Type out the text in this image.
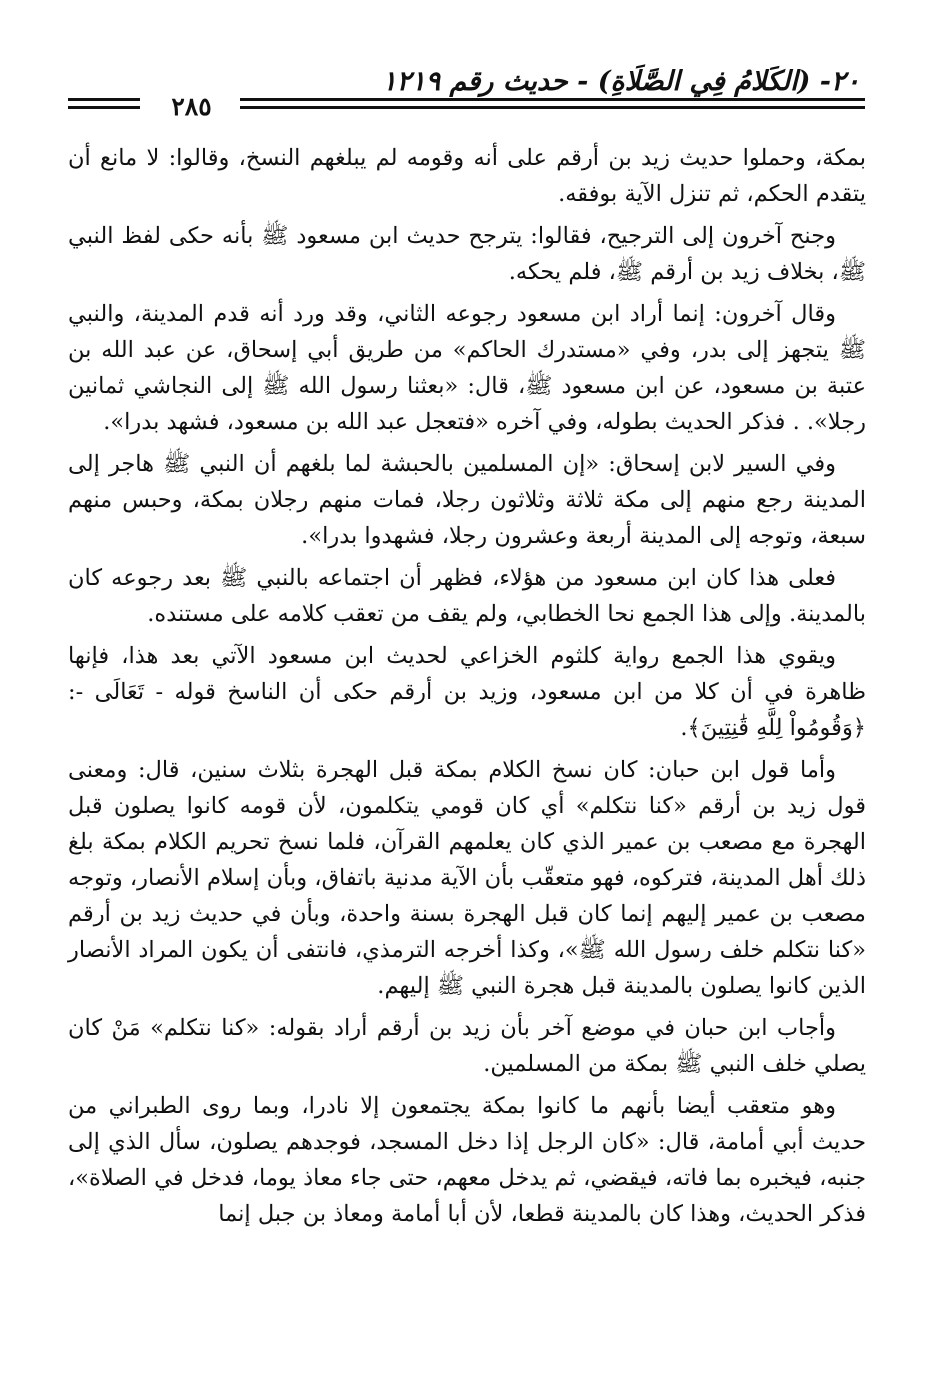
٢٠- (الكَلامُ فِي الصَّلَاةِ) - حديث رقم ١٢١٩
٢٨٥

بمكة، وحملوا حديث زيد بن أرقم على أنه وقومه لم يبلغهم النسخ، وقالوا: لا مانع أن يتقدم الحكم، ثم تنزل الآية بوفقه.

وجنح آخرون إلى الترجيح، فقالوا: يترجح حديث ابن مسعود ﷺ بأنه حكى لفظ النبي ﷺ، بخلاف زيد بن أرقم ﷺ، فلم يحكه.

وقال آخرون: إنما أراد ابن مسعود رجوعه الثاني، وقد ورد أنه قدم المدينة، والنبي ﷺ يتجهز إلى بدر، وفي «مستدرك الحاكم» من طريق أبي إسحاق، عن عبد الله بن عتبة بن مسعود، عن ابن مسعود ﷺ، قال: «بعثنا رسول الله ﷺ إلى النجاشي ثمانين رجلا». . فذكر الحديث بطوله، وفي آخره «فتعجل عبد الله بن مسعود، فشهد بدرا».

وفي السير لابن إسحاق: «إن المسلمين بالحبشة لما بلغهم أن النبي ﷺ هاجر إلى المدينة رجع منهم إلى مكة ثلاثة وثلاثون رجلا، فمات منهم رجلان بمكة، وحبس منهم سبعة، وتوجه إلى المدينة أربعة وعشرون رجلا، فشهدوا بدرا».

فعلى هذا كان ابن مسعود من هؤلاء، فظهر أن اجتماعه بالنبي ﷺ بعد رجوعه كان بالمدينة. وإلى هذا الجمع نحا الخطابي، ولم يقف من تعقب كلامه على مستنده.

ويقوي هذا الجمع رواية كلثوم الخزاعي لحديث ابن مسعود الآتي بعد هذا، فإنها ظاهرة في أن كلا من ابن مسعود، وزيد بن أرقم حكى أن الناسخ قوله - تَعَالَى -: ﴿وَقُومُواْ لِلَّهِ قَٰنِتِينَ﴾.

وأما قول ابن حبان: كان نسخ الكلام بمكة قبل الهجرة بثلاث سنين، قال: ومعنى قول زيد بن أرقم «كنا نتكلم» أي كان قومي يتكلمون، لأن قومه كانوا يصلون قبل الهجرة مع مصعب بن عمير الذي كان يعلمهم القرآن، فلما نسخ تحريم الكلام بمكة بلغ ذلك أهل المدينة، فتركوه، فهو متعقّب بأن الآية مدنية باتفاق، وبأن إسلام الأنصار، وتوجه مصعب بن عمير إليهم إنما كان قبل الهجرة بسنة واحدة، وبأن في حديث زيد بن أرقم «كنا نتكلم خلف رسول الله ﷺ»، وكذا أخرجه الترمذي، فانتفى أن يكون المراد الأنصار الذين كانوا يصلون بالمدينة قبل هجرة النبي ﷺ إليهم.

وأجاب ابن حبان في موضع آخر بأن زيد بن أرقم أراد بقوله: «كنا نتكلم» مَنْ كان يصلي خلف النبي ﷺ بمكة من المسلمين.

وهو متعقب أيضا بأنهم ما كانوا بمكة يجتمعون إلا نادرا، وبما روى الطبراني من حديث أبي أمامة، قال: «كان الرجل إذا دخل المسجد، فوجدهم يصلون، سأل الذي إلى جنبه، فيخبره بما فاته، فيقضي، ثم يدخل معهم، حتى جاء معاذ يوما، فدخل في الصلاة»، فذكر الحديث، وهذا كان بالمدينة قطعا، لأن أبا أمامة ومعاذ بن جبل إنما
